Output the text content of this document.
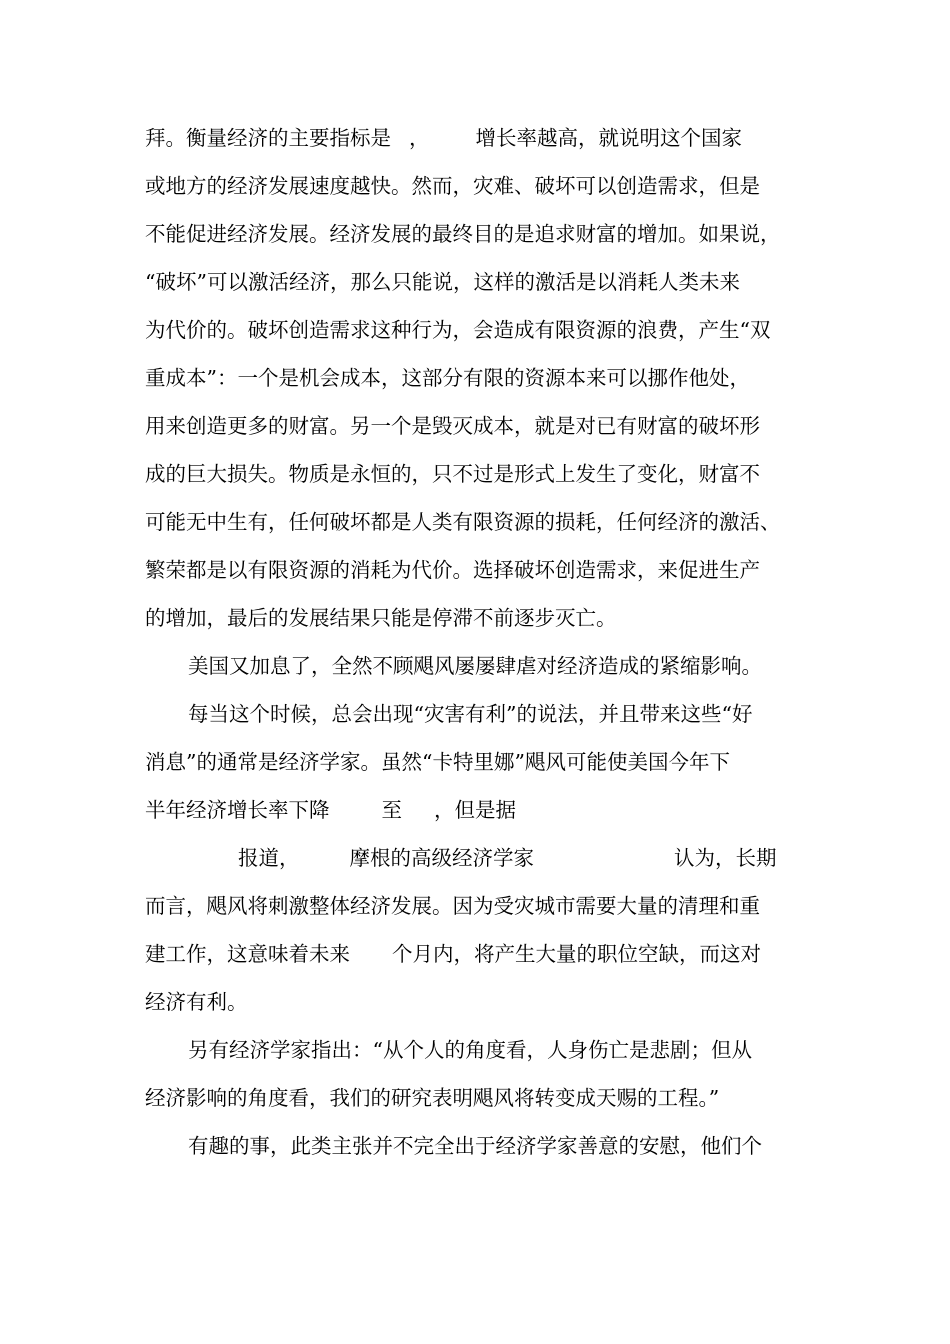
拜。衡量经济的主要指标是 ， 增长率越高，就说明这个国家
或地方的经济发展速度越快。然而，灾难、破坏可以创造需求，但是
不能促进经济发展。经济发展的最终目的是追求财富的增加。如果说，
“破坏”可以激活经济，那么只能说，这样的激活是以消耗人类未来
为代价的。破坏创造需求这种行为，会造成有限资源的浪费，产生“双
重成本”：一个是机会成本，这部分有限的资源本来可以挪作他处，
用来创造更多的财富。另一个是毁灭成本，就是对已有财富的破坏形
成的巨大损失。物质是永恒的，只不过是形式上发生了变化，财富不
可能无中生有，任何破坏都是人类有限资源的损耗，任何经济的激活、
繁荣都是以有限资源的消耗为代价。选择破坏创造需求，来促进生产
的增加，最后的发展结果只能是停滞不前逐步灭亡。
美国又加息了，全然不顾飓风屡屡肆虐对经济造成的紧缩影响。
每当这个时候，总会出现“灾害有利”的说法，并且带来这些“好
消息”的通常是经济学家。虽然“卡特里娜”飓风可能使美国今年下
半年经济增长率下降	至 ，但是据
报道， 摩根的高级经济学家	认为，长期
而言，飓风将刺激整体经济发展。因为受灾城市需要大量的清理和重
建工作，这意味着未来 个月内，将产生大量的职位空缺，而这对
经济有利。
另有经济学家指出：“从个人的角度看，人身伤亡是悲剧；但从
经济影响的角度看，我们的研究表明飓风将转变成天赐的工程。”
有趣的事，此类主张并不完全出于经济学家善意的安慰，他们个
